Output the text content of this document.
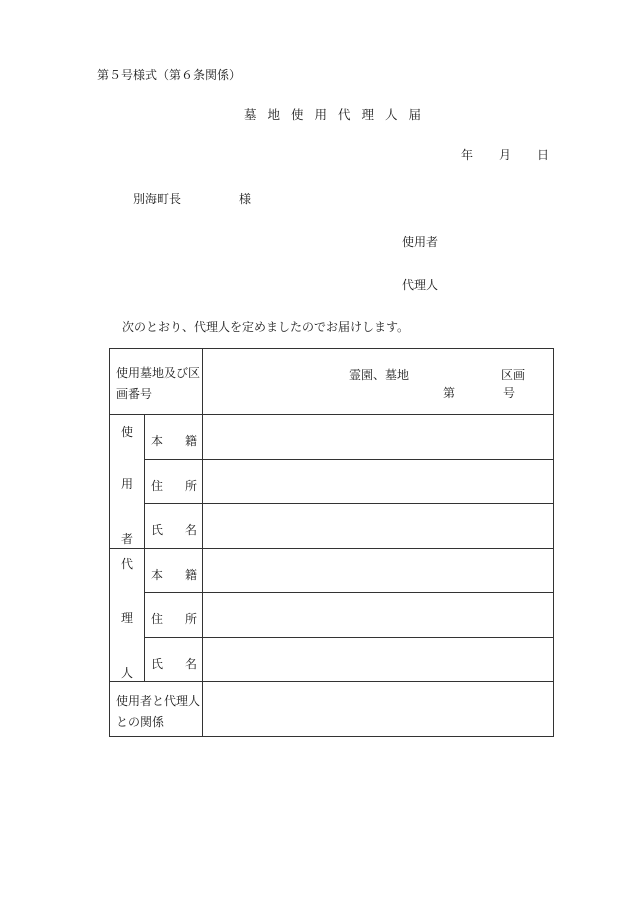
第５号様式（第６条関係）
墓地使用代理人届
年 月 日
別海町長	様
使用者
代理人
次のとおり、代理人を定めましたのでお届けします。
使用墓地及び区画番号		霊園、墓地 区画
第 号

使
用
者	本 籍	

	住 所	

	氏 名	

代
理
人	本 籍	

	住 所	

	氏 名	

使用者と代理人との関係		
